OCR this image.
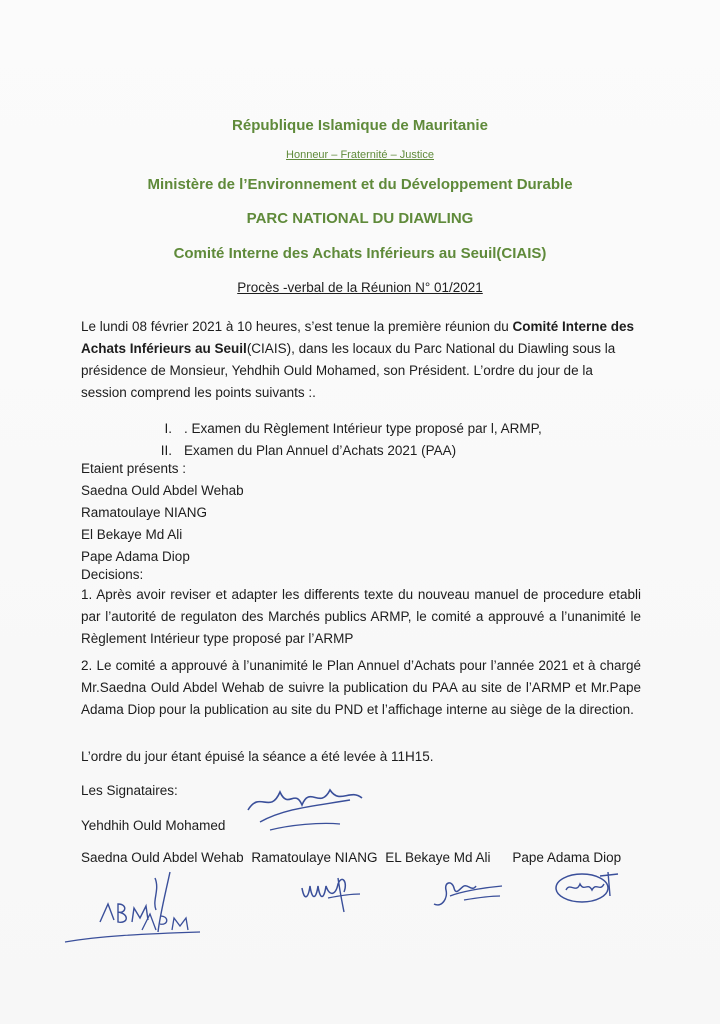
République Islamique de Mauritanie
Honneur – Fraternité – Justice
Ministère de l’Environnement et du Développement Durable
PARC NATIONAL DU DIAWLING
Comité Interne des Achats Inférieurs au Seuil(CIAIS)
Procès -verbal de la Réunion N° 01/2021
Le lundi 08 février 2021 à 10 heures, s’est tenue la première réunion du Comité Interne des Achats Inférieurs au Seuil(CIAIS), dans les locaux du Parc National du Diawling sous la présidence de Monsieur, Yehdhih Ould Mohamed, son Président. L’ordre du jour de la session comprend les points suivants :.
I. . Examen du Règlement Intérieur type proposé par l, ARMP,
II. Examen du Plan Annuel d’Achats 2021 (PAA)
Etaient présents :
Saedna Ould Abdel Wehab
Ramatoulaye NIANG
El Bekaye Md Ali
Pape Adama Diop
Decisions:
1. Après avoir reviser et adapter les differents texte du nouveau manuel de procedure etabli par l’autorité de regulaton des Marchés publics ARMP, le comité a approuvé a l’unanimité le Règlement Intérieur type proposé par l’ARMP
2. Le comité a approuvé à l’unanimité le Plan Annuel d’Achats pour l’année 2021 et à chargé Mr.Saedna Ould Abdel Wehab de suivre la publication du PAA au site de l’ARMP et Mr.Pape Adama Diop pour la publication au site du PND et l’affichage interne au siège de la direction.
L’ordre du jour étant épuisé la séance a été levée à 11H15.
Les Signataires:
Yehdhih Ould Mohamed
Saedna Ould Abdel Wehab Ramatoulaye NIANG EL Bekaye Md Ali Pape Adama Diop
